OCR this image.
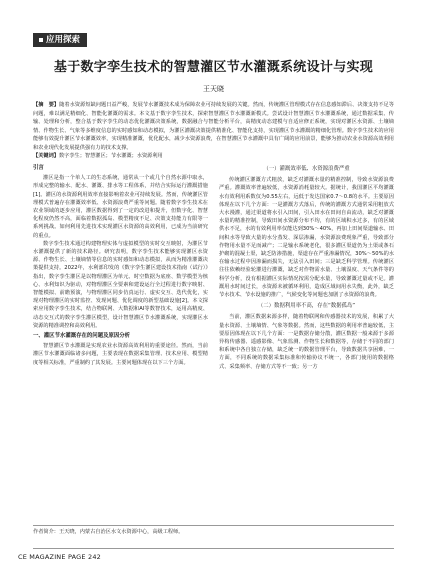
应用探索
基于数字孪生技术的智慧灌区节水灌溉系统设计与实现
王天晓
【摘　要】随着水资源短缺问题日益严峻，发展节水灌溉技术成为保障农业可持续发展的关键。然而，传统灌区管理模式存在信息感知滞后、决策支持不足等问题，难以满足精细化、智能化灌溉的需求。本文基于数字孪生技术，探索智慧灌区节水灌溉新模式。尝试设计智慧灌区节水灌溉系统，通过数据采集、传输、处理和分析，整合基于数字孪生的动态优化灌溉决策系统，数据融合与智能分析平台，高精度动态建模与自适应修正系统，实现对灌区水资源、土壤墒情、作物生长、气象等多维度信息的实时感知和动态模拟，为灌区灌溉决策提供精准化、智能化支持，实现灌区节水灌溉的精细化管理。数字孪生技术的应用能够有效提升灌区节水灌溉效率，实现精准灌溉，优化配水，减少水资源浪费，在智慧灌区节水灌溉中具有广阔的应用前景，能够为推动农业水资源高效利用和农业现代化发展提供强有力的技术支撑。
【关键词】数字孪生；智慧灌区；节水灌溉；水资源利用
引言

灌区是指一个单人工的生态系统，通常从一个或几个自然水源中取水，形成完整的输水、配水、灌溉、排水等工程体系，并结合实际运行灌溉措施[1]。灌区的水资源利用效率直接影响着农业可持续发展。然而，传统灌区管理模式普遍存在灌溉效率低、水资源浪费严重等问题。随着数字孪生技术在农业领域的逐步应用，灌区数据得到了一定的改进和提升，但数字化、智慧化程度仍然不高，面临着数据孤岛、模型精度不足、决策支持能力有限等一系列挑战。如何利用先进技术实现灌区水资源的高效利用，已成为当前研究的重点。

数字孪生技术通过构建物理实体与虚拟模型的实时交互映射，为灌区节水灌溉提供了新的技术路径。研究表明，数字孪生技术能够实现灌区水资源、作物生长、土壤墒情等信息的实时感知和动态模拟，从而为精准灌溉决策提供支持。2022年，水利部印发的《数字孪生灌区建设技术指南（试行）》指出，数字孪生灌区是以物理灌区为单元、时空数据为底座、数学模型为核心、水利知识为驱动，对物理灌区全要素和建设运行全过程进行数字映射、智能模拟、前瞻预演，与物理灌区同步仿真运行、虚实交互、迭代优化，实现对物理灌区的实时监控、发现问题、优化调度的新型基础设施[2]。本文探索应用数字孪生技术，结合物联网、大数据和AI等数智技术，运用高精度、动态交互式的数字孪生灌区模型，设计智慧灌区节水灌溉系统，实现灌区水资源的精准调控和高效利用。

一、灌区节水灌溉存在的问题及原因分析

智慧灌区节水灌溉是实现农业水资源高效利用的重要途径。然而，当前灌区节水灌溉面临诸多问题，主要表现在数据采集管理、技术应用、模型精度等相关标准，严重制约了其发展。主要问题体现在以下三个方面。

（一）灌溉效率低、水资源浪费严重

传统灌区灌溉方式粗放，缺乏对灌溉水量的精准控制，导致水资源浪费严重。灌溉效率普遍较低，水资源消耗量较大。据统计，我国灌区平均灌溉水有效利用系数仅为0.55左右，远低于发达国家0.7～0.8的水平。主要原因体现在以下几个方面：一是灌溉方式落后，传统的灌溉方式通常采用粗放式大水漫灌，通过渠道将水引入田间，引入田水在田间自由流动，缺乏对灌溉水量的精准控制，导致田间水资源分布不均，有的区域积水过多，有的区域供水不足，水的有效利用率仅能达到30%～40%，再加上田间渠道输水、田间积水等导致大量的水分蒸发、深层渗漏，水资源浪费现象严重，导致部分作物用水量不足而减产；二是输水系统老化，很多灌区渠道仍为土渠或条石护砌的混凝土渠，缺乏防渗措施，渠道存在严重渗漏情况，30%～50%的水在输水过程中因渗漏而损失，无法引入田间；三是缺乏科学管理。传统灌区往往依赖经验轮灌进行灌溉，缺乏对作物需水量、土壤湿度、天气条件等的科学分析，没有根据灌区实际情况按需分配水量，导致灌溉过量或不足。灌溉用水时间过长，水资源未被循环利用，造成区域间用水失衡，此外，缺乏节水技术、节水设施的推广，气候变化等问题也加剧了水资源的浪费。

（二）数据利用率不高，存在“数据孤岛”

当前，灌区数据来源多样，随着物联网和传感器技术的发展，积累了大量水资源、土壤墒情、气象等数据。然而，这些数据的利用率普遍较低，主要原因体现在以下几个方面：一是数据存储分散，灌区数据一般来源于多源异构传感器、遥感影像、气象监测、作物生长和数据等，存储于不同的部门和系统中各自独立存储，缺乏统一的数据管理平台，导致数据共享困难，一方面，不同系统的数据采集标准和传输协议不统一，各部门使用的数据格式、采集频率、存储方式等不一致；另一方

作者简介：王天晓，内蒙古自治区水文水资源中心，高级工程师。
CE MAGAZINE PAGE 242
